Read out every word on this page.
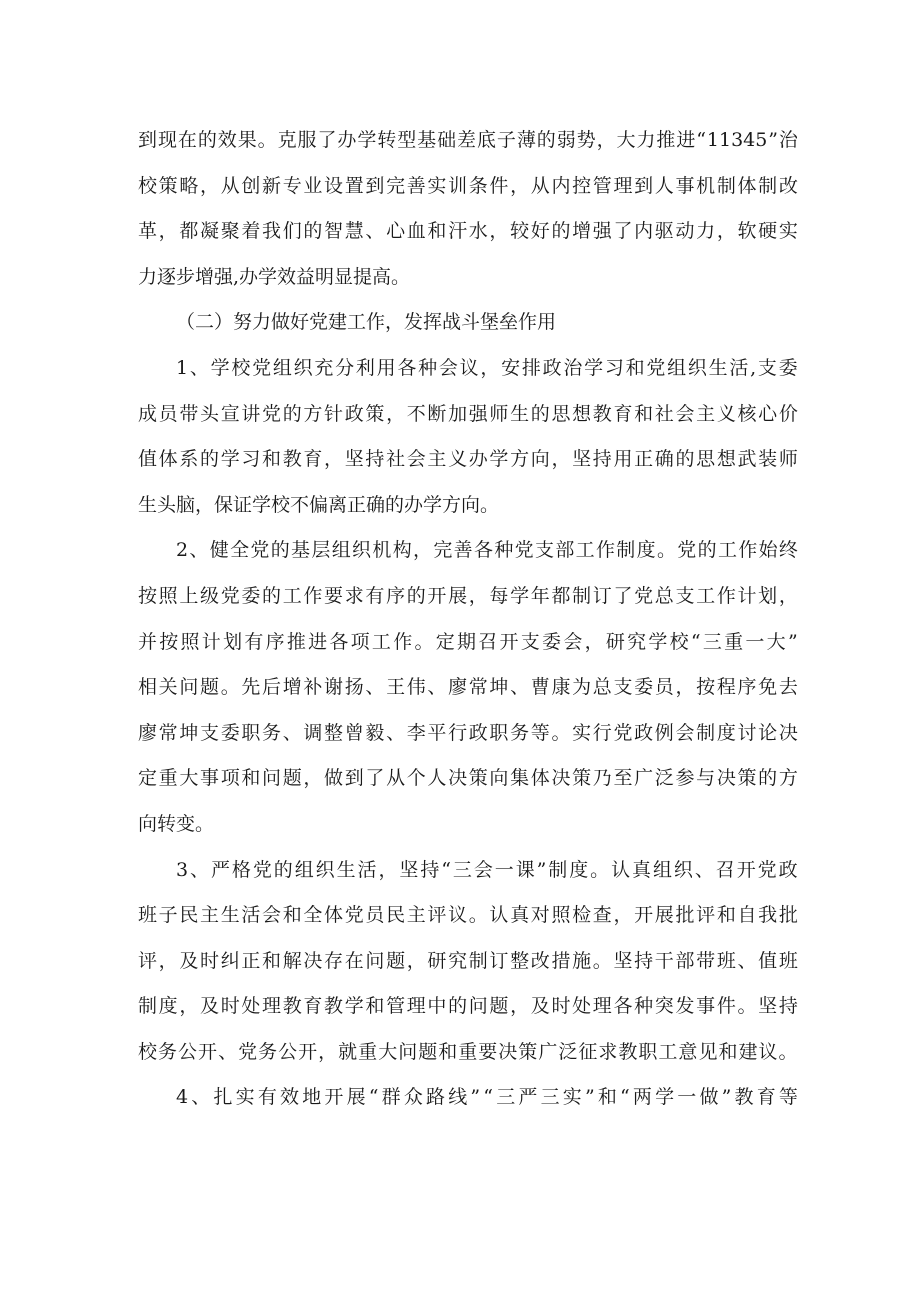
到 现 在 的 效 果 。 克 服 了 办 学 转 型 基 础 差 底 子 薄 的 弱 势 ， 大 力 推 进 “ 11345 ” 治
校 策 略 ， 从 创 新 专 业 设 置 到 完 善 实 训 条 件 ， 从 内 控 管 理 到 人 事 机 制 体 制 改
革 ， 都 凝 聚 着 我 们 的 智 慧 、 心 血 和 汗 水 ， 较 好 的 增 强 了 内 驱 动 力 ， 软 硬 实
力逐步增强,办学效益明显提高。
（二）努力做好党建工作，发挥战斗堡垒作用
1 、 学 校 党 组 织 充 分 利 用 各 种 会 议 ， 安 排 政 治 学 习 和 党 组 织 生 活 , 支 委
成 员 带 头 宣 讲 党 的 方 针 政 策 ， 不 断 加 强 师 生 的 思 想 教 育 和 社 会 主 义 核 心 价
值 体 系 的 学 习 和 教 育 ， 坚 持 社 会 主 义 办 学 方 向 ， 坚 持 用 正 确 的 思 想 武 装 师
生头脑，保证学校不偏离正确的办学方向。
2 、 健 全 党 的 基 层 组 织 机 构 ， 完 善 各 种 党 支 部 工 作 制 度 。 党 的 工 作 始 终
按 照 上 级 党 委 的 工 作 要 求 有 序 的 开 展 ， 每 学 年 都 制 订 了 党 总 支 工 作 计 划 ，
并 按 照 计 划 有 序 推 进 各 项 工 作 。 定 期 召 开 支 委 会 ， 研 究 学 校 “ 三 重 一 大 ”
相 关 问 题 。 先 后 增 补 谢 扬 、 王 伟 、 廖 常 坤 、 曹 康 为 总 支 委 员 ， 按 程 序 免 去
廖 常 坤 支 委 职 务 、 调 整 曾 毅 、 李 平 行 政 职 务 等 。 实 行 党 政 例 会 制 度 讨 论 决
定 重 大 事 项 和 问 题 ， 做 到 了 从 个 人 决 策 向 集 体 决 策 乃 至 广 泛 参 与 决 策 的 方
向转变。
3 、 严 格 党 的 组 织 生 活 ， 坚 持 “ 三 会 一 课 ” 制 度 。 认 真 组 织 、 召 开 党 政
班 子 民 主 生 活 会 和 全 体 党 员 民 主 评 议 。 认 真 对 照 检 查 ， 开 展 批 评 和 自 我 批
评 ， 及 时 纠 正 和 解 决 存 在 问 题 ， 研 究 制 订 整 改 措 施 。 坚 持 干 部 带 班 、 值 班
制 度 ， 及 时 处 理 教 育 教 学 和 管 理 中 的 问 题 ， 及 时 处 理 各 种 突 发 事 件 。 坚 持
校 务 公 开 、 党 务 公 开 ， 就 重 大 问 题 和 重 要 决 策 广 泛 征 求 教 职 工 意 见 和 建 议 。
4 、 扎 实 有 效 地 开 展 “ 群 众 路 线 ” “ 三 严 三 实 ” 和 “ 两 学 一 做 ” 教 育 等
